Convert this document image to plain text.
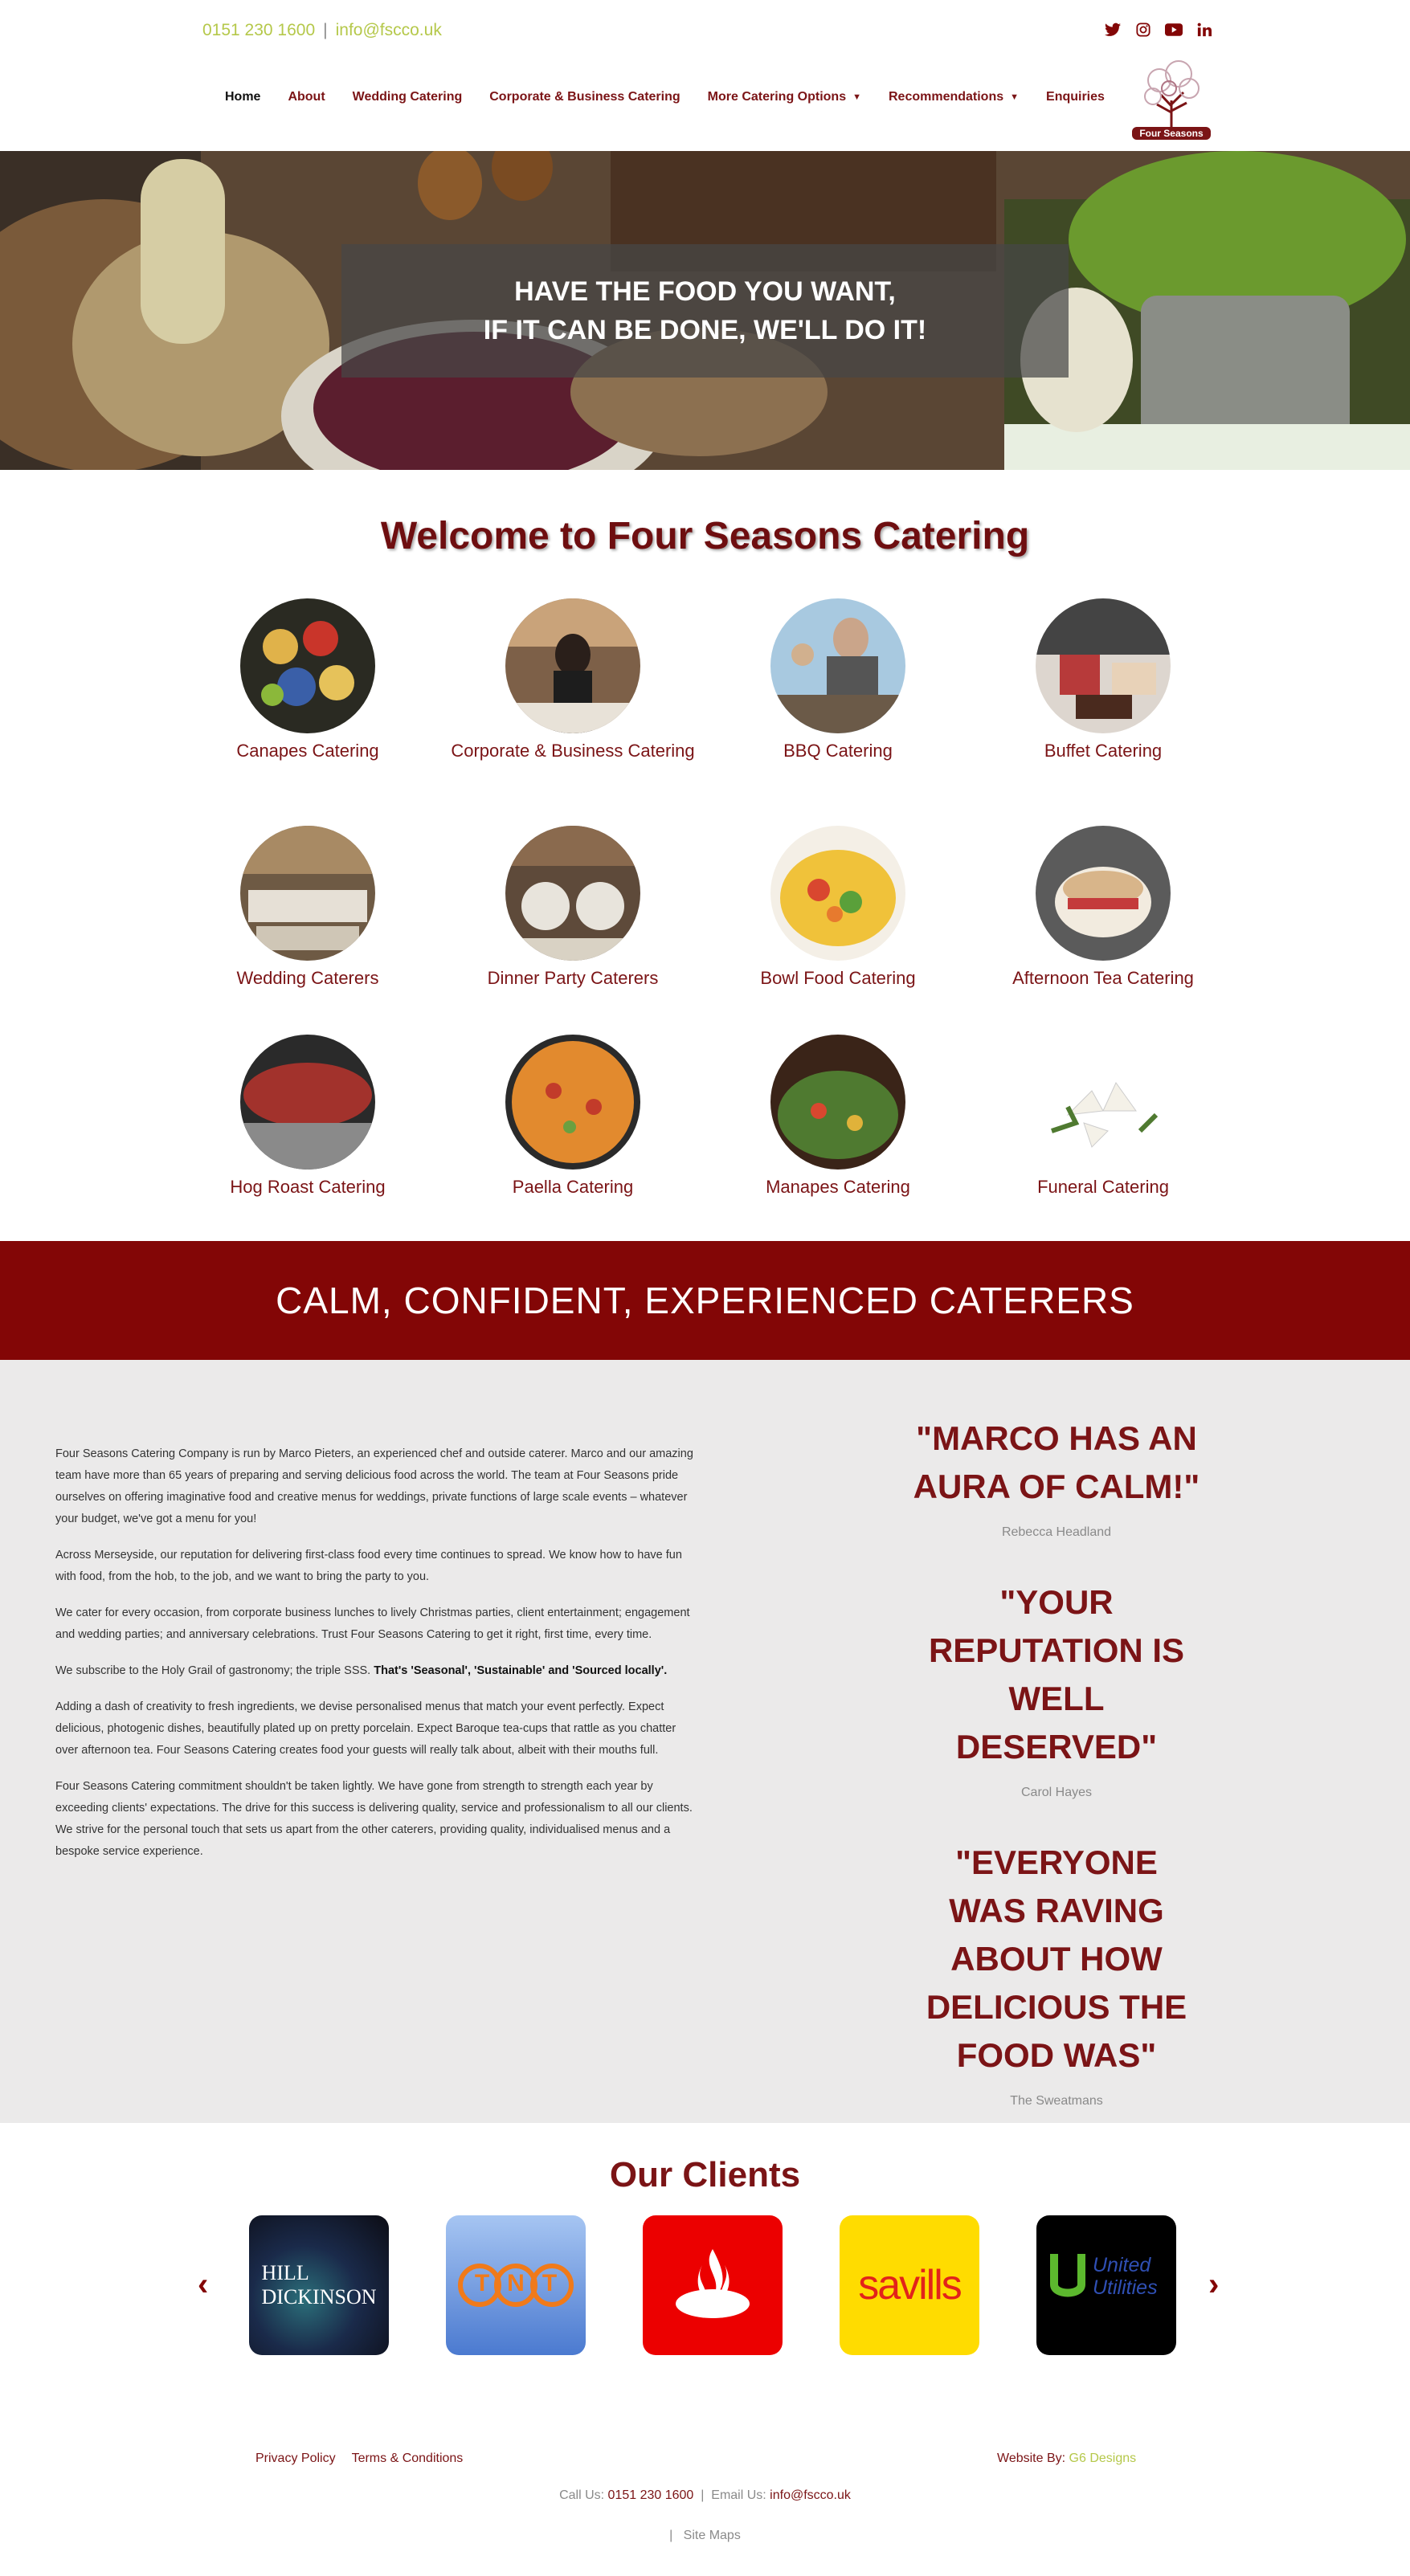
0151 230 1600 | info@fscco.uk
Home About Wedding Catering Corporate & Business Catering More Catering Options ▼ Recommendations ▼ Enquiries
Four Seasons
HAVE THE FOOD YOU WANT,
IF IT CAN BE DONE, WE'LL DO IT!
Welcome to Four Seasons Catering
Canapes Catering	Corporate & Business Catering	BBQ Catering	Buffet Catering
Wedding Caterers	Dinner Party Caterers	Bowl Food Catering	Afternoon Tea Catering
Hog Roast Catering	Paella Catering	Manapes Catering	Funeral Catering
CALM, CONFIDENT, EXPERIENCED CATERERS

Four Seasons Catering Company is run by Marco Pieters, an experienced chef and outside caterer. Marco and our amazing team have more than 65 years of preparing and serving delicious food across the world. The team at Four Seasons pride ourselves on offering imaginative food and creative menus for weddings, private functions of large scale events – whatever your budget, we've got a menu for you!

Across Merseyside, our reputation for delivering first-class food every time continues to spread. We know how to have fun with food, from the hob, to the job, and we want to bring the party to you.

We cater for every occasion, from corporate business lunches to lively Christmas parties, client entertainment; engagement and wedding parties; and anniversary celebrations. Trust Four Seasons Catering to get it right, first time, every time.

We subscribe to the Holy Grail of gastronomy; the triple SSS. That's 'Seasonal', 'Sustainable' and 'Sourced locally'.

Adding a dash of creativity to fresh ingredients, we devise personalised menus that match your event perfectly. Expect delicious, photogenic dishes, beautifully plated up on pretty porcelain. Expect Baroque tea-cups that rattle as you chatter over afternoon tea. Four Seasons Catering creates food your guests will really talk about, albeit with their mouths full.

Four Seasons Catering commitment shouldn't be taken lightly. We have gone from strength to strength each year by exceeding clients' expectations. The drive for this success is delivering quality, service and professionalism to all our clients. We strive for the personal touch that sets us apart from the other caterers, providing quality, individualised menus and a bespoke service experience.

"MARCO HAS AN AURA OF CALM!"
Rebecca Headland
"YOUR REPUTATION IS WELL DESERVED"
Carol Hayes
"EVERYONE WAS RAVING ABOUT HOW DELICIOUS THE FOOD WAS"
The Sweatmans
Our Clients
‹	›
HILL
DICKINSON
TNT	savills	United
Utilities
Privacy Policy Terms & Conditions	Website By: G6 Designs
Call Us: 0151 230 1600 | Email Us: info@fscco.uk
| Site Maps
